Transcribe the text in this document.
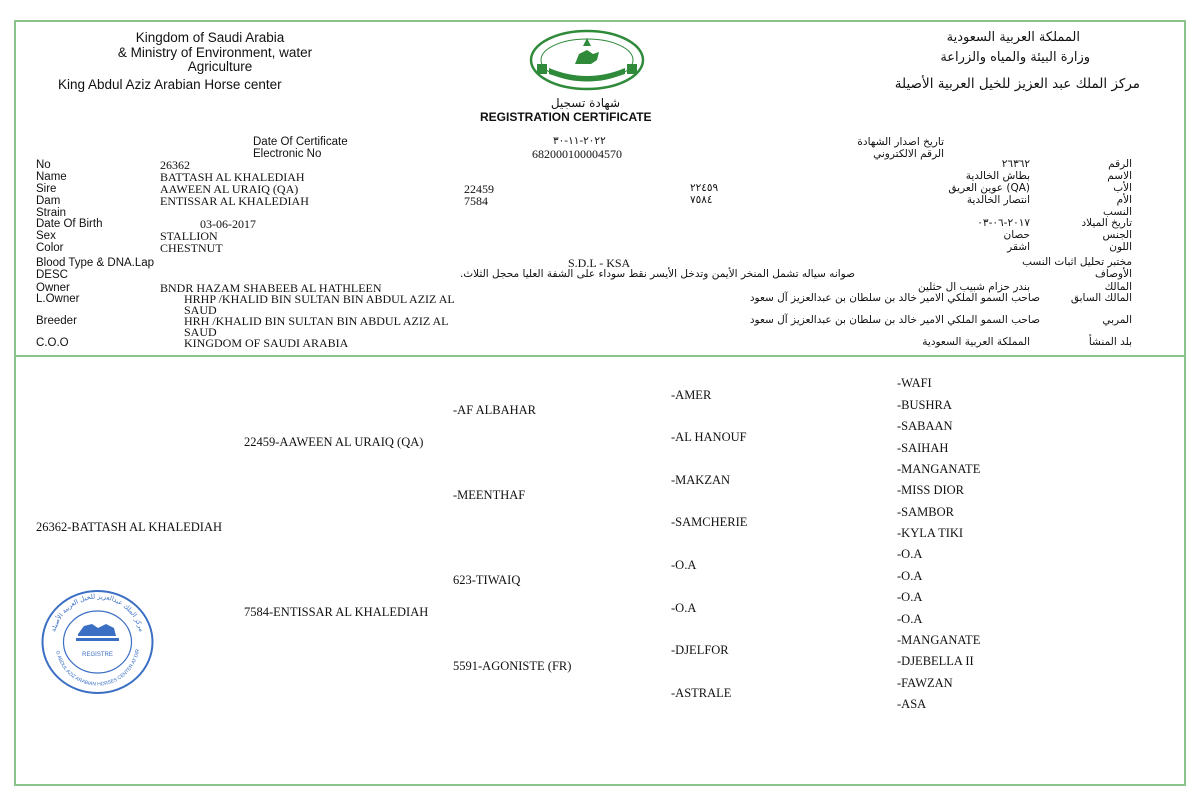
Kingdom of Saudi Arabia
& Ministry of Environment, water
Agriculture
King Abdul Aziz Arabian Horse center
المملكة العربية السعودية
وزارة البيئة والمياه والزراعة
مركز الملك عبد العزيز للخيل العربية الأصيلة
شهادة تسجيل
REGISTRATION CERTIFICATE
Date Of Certificate	٢٠٢٢-١١-٣٠	تاريخ اصدار الشهادة
Electronic No	682000100004570	الرقم الالكتروني
No	26362	٢٦٣٦٢	الرقم
Name	BATTASH AL KHALEDIAH	بطاش الخالدية	الاسم
Sire	AAWEEN AL URAIQ (QA)	22459	٢٢٤٥٩	(QA) عوين العريق	الأب
Dam	ENTISSAR AL KHALEDIAH	7584	٧٥٨٤	انتصار الخالدية	الأم
Strain	النسب
Date Of Birth	03-06-2017	٢٠١٧-٠٦-٠٣	تاريخ الميلاد
Sex	STALLION	حصان	الجنس
Color	CHESTNUT	اشقر	اللون
Blood Type & DNA.Lap	S.D.L - KSA	مختبر تحليل اثبات النسب
DESC	صوانه سياله تشمل المنخر الأيمن وتدخل الأيسر نقط سوداء على الشفة العليا محجل الثلاث.	الأوصاف
Owner	BNDR HAZAM SHABEEB AL HATHLEEN	بندر حزام شبيب ال حثلين	المالك
L.Owner	HRHP /KHALID BIN SULTAN BIN ABDUL AZIZ AL
SAUD
صاحب السمو الملكي الامير خالد بن سلطان بن عبدالعزيز آل سعود	المالك السابق
Breeder	HRH /KHALID BIN SULTAN BIN ABDUL AZIZ AL
SAUD
صاحب السمو الملكي الامير خالد بن سلطان بن عبدالعزيز آل سعود	المربي
C.O.O	KINGDOM OF SAUDI ARABIA	المملكة العربية السعودية	بلد المنشأ
26362-BATTASH AL KHALEDIAH
22459-AAWEEN AL URAIQ (QA)
7584-ENTISSAR AL KHALEDIAH
-AF ALBAHAR
-MEENTHAF
623-TIWAIQ
5591-AGONISTE (FR)
-AMER
-AL HANOUF
-MAKZAN
-SAMCHERIE
-O.A
-O.A
-DJELFOR
-ASTRALE
-WAFI
-BUSHRA
-SABAAN
-SAIHAH
-MANGANATE
-MISS DIOR
-SAMBOR
-KYLA TIKI
-O.A
-O.A
-O.A
-O.A
-MANGANATE
-DJEBELLA II
-FAWZAN
-ASA
مركز الملك عبدالعزيز للخيل العربية الأصيلة
G ABDUL AZIZ ARABIAN HORSES CENTER AT DIR
REGISTRE
